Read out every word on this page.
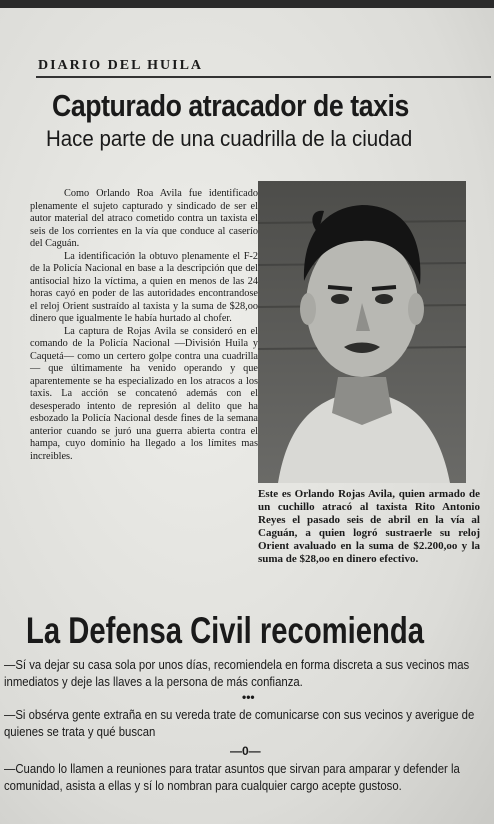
DIARIO DEL HUILA
Capturado atracador de taxis
Hace parte de una cuadrilla de la ciudad

Como Orlando Roa Avila fue identificado plenamente el sujeto capturado y sindicado de ser el autor material del atraco cometido contra un taxista el seis de los corrientes en la vía que conduce al caserío del Caguán.

La identificación la obtuvo plenamente el F-2 de la Policía Nacional en base a la descripción que del antisocial hizo la víctima, a quien en menos de las 24 horas cayó en poder de las autoridades encontrandose el reloj Orient sustraído al taxista y la suma de $28,oo dinero que igualmente le había hurtado al chofer.

La captura de Rojas Avila se consideró en el comando de la Policía Nacional —División Huila y Caquetá— como un certero golpe contra una cuadrilla — que últimamente ha venido operando y que aparentemente se ha especializado en los atracos a los taxis. La acción se concatenó además con el desesperado intento de represión al delito que ha esbozado la Policía Nacional desde fines de la semana anterior cuando se juró una guerra abierta contra el hampa, cuyo dominio ha llegado a los límites mas increibles.

Este es Orlando Rojas Avila, quien armado de un cuchillo atracó al taxista Rito Antonio Reyes el pasado seis de abril en la vía al Caguán, a quien logró sustraerle su reloj Orient avaluado en la suma de $2.200,oo y la suma de $28,oo en dinero efectivo.
La Defensa Civil recomienda
—Sí va dejar su casa sola por unos días, recomiendela en forma discreta a sus vecinos mas inmediatos y deje las llaves a la persona de más confianza.
•••
—Si obsérva gente extraña en su vereda trate de comunicarse con sus vecinos y averigue de quienes se trata y qué buscan
—0—
—Cuando lo llamen a reuniones para tratar asuntos que sirvan para amparar y defender la comunidad, asista a ellas y sí lo nombran para cualquier cargo acepte gustoso.
